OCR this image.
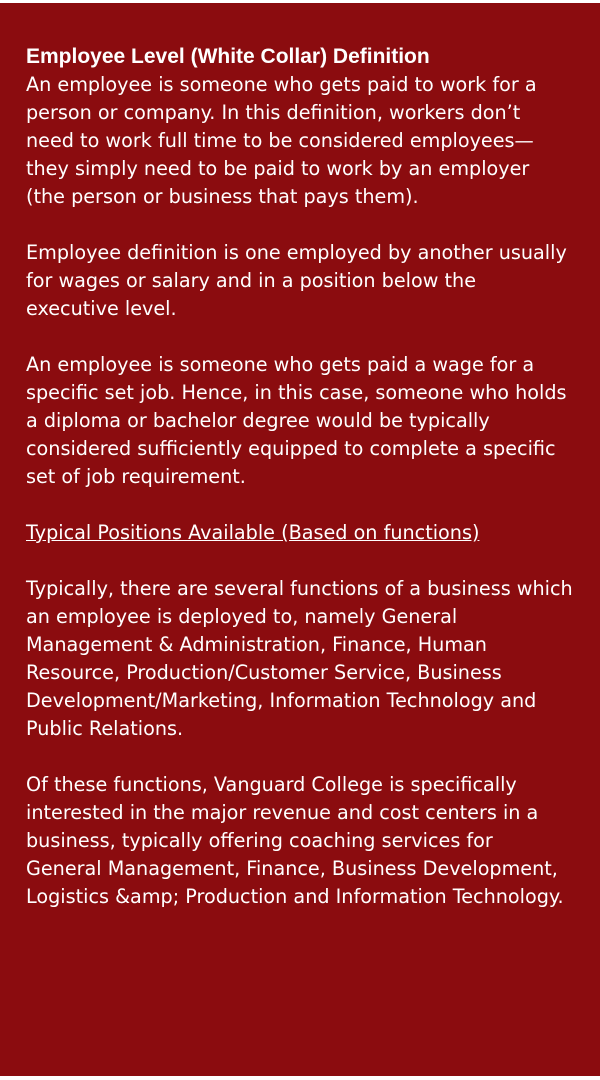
Employee Level (White Collar) Definition
An employee is someone who gets paid to work for a person or company. In this definition, workers don’t need to work full time to be considered employees—they simply need to be paid to work by an employer (the person or business that pays them).

Employee definition is one employed by another usually for wages or salary and in a position below the executive level.

An employee is someone who gets paid a wage for a specific set job. Hence, in this case, someone who holds a diploma or bachelor degree would be typically considered sufficiently equipped to complete a specific set of job requirement.

Typical Positions Available (Based on functions)

Typically, there are several functions of a business which an employee is deployed to, namely General Management & Administration, Finance, Human Resource, Production/Customer Service, Business Development/Marketing, Information Technology and Public Relations.

Of these functions, Vanguard College is specifically interested in the major revenue and cost centers in a business, typically offering coaching services for General Management, Finance, Business Development, Logistics &amp; Production and Information Technology.
